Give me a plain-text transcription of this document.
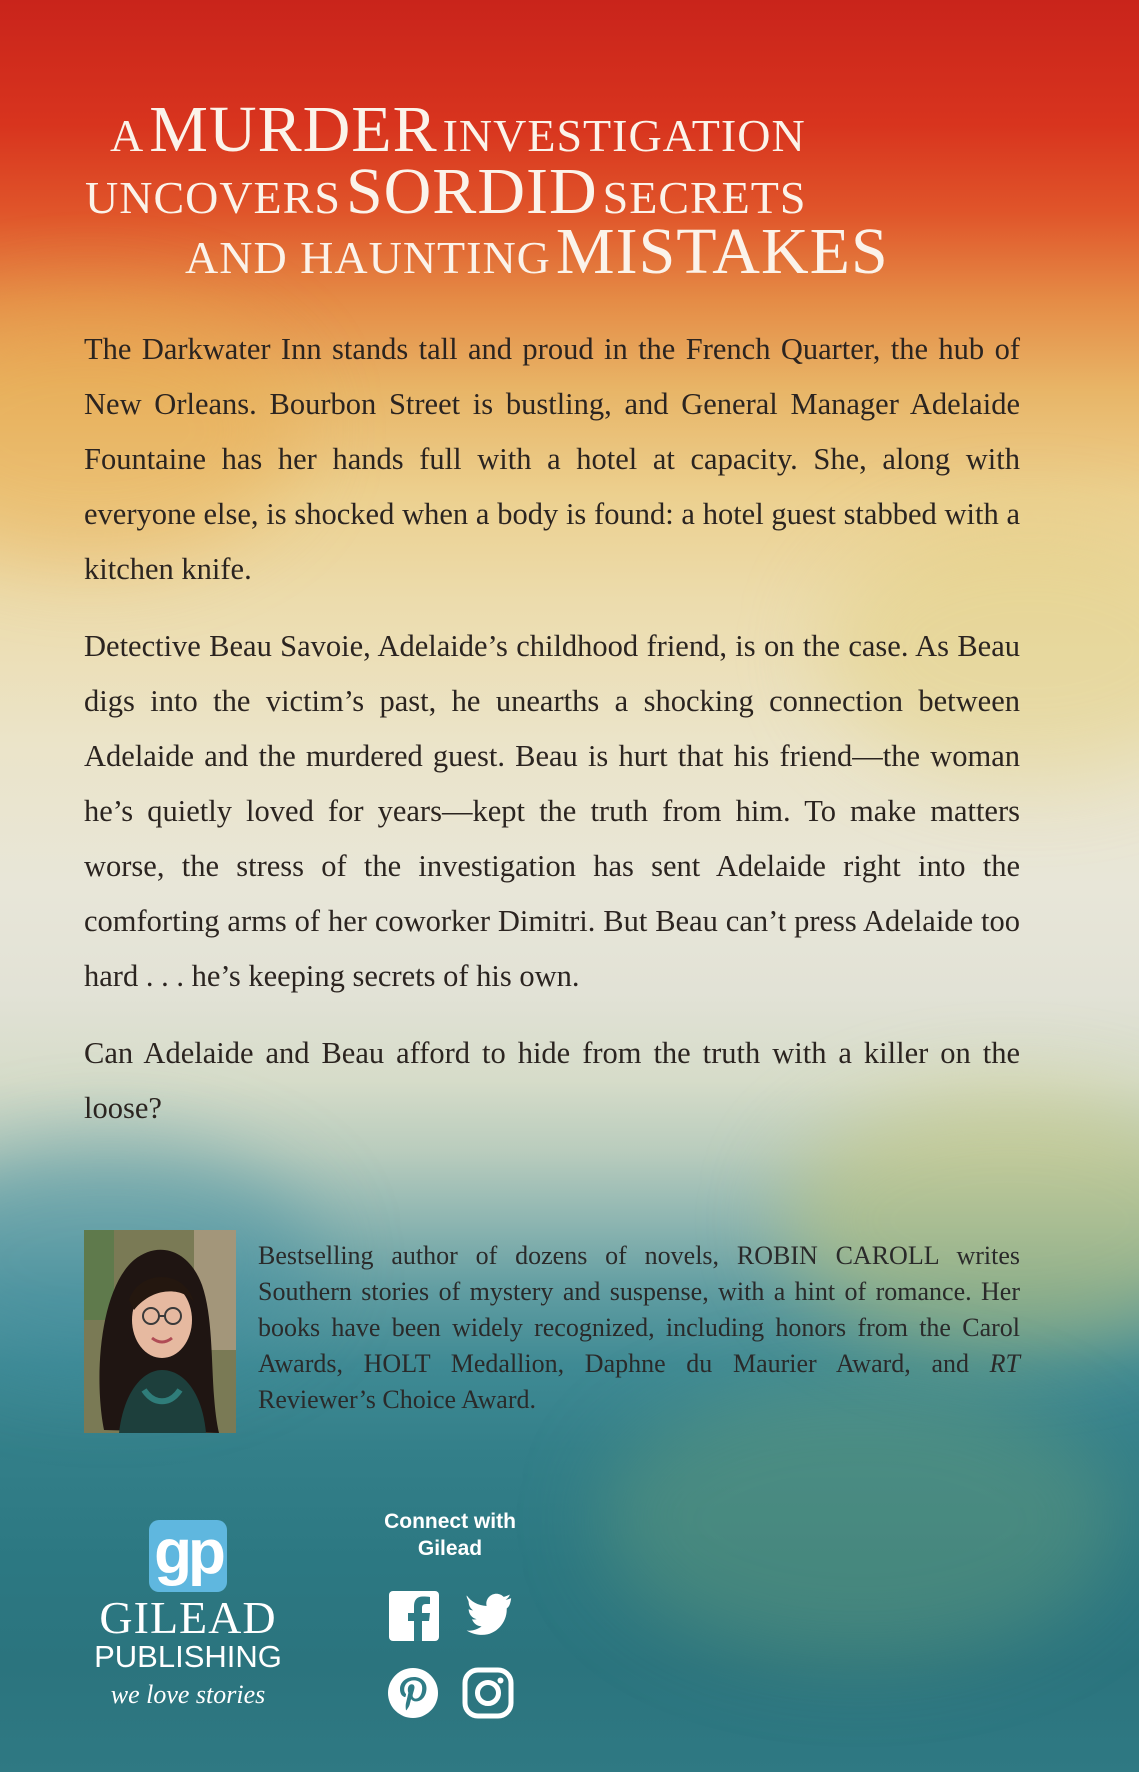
A MURDER INVESTIGATION
UNCOVERS SORDID SECRETS
AND HAUNTING MISTAKES

The Darkwater Inn stands tall and proud in the French Quarter, the hub of New Orleans. Bourbon Street is bustling, and General Manager Adelaide Fountaine has her hands full with a hotel at capacity. She, along with everyone else, is shocked when a body is found: a hotel guest stabbed with a kitchen knife.

Detective Beau Savoie, Adelaide’s childhood friend, is on the case. As Beau digs into the victim’s past, he unearths a shocking connection between Adelaide and the murdered guest. Beau is hurt that his friend—the woman he’s quietly loved for years—kept the truth from him. To make matters worse, the stress of the investigation has sent Adelaide right into the comforting arms of her coworker Dimitri. But Beau can’t press Adelaide too hard . . . he’s keeping secrets of his own.

Can Adelaide and Beau afford to hide from the truth with a killer on the loose?

Bestselling author of dozens of novels, ROBIN CAROLL writes Southern stories of mystery and suspense, with a hint of romance. Her books have been widely recognized, including honors from the Carol Awards, HOLT Medallion, Daphne du Maurier Award, and RT Reviewer’s Choice Award.
gp
GILEAD
PUBLISHING
we love stories
Connect with Gilead
